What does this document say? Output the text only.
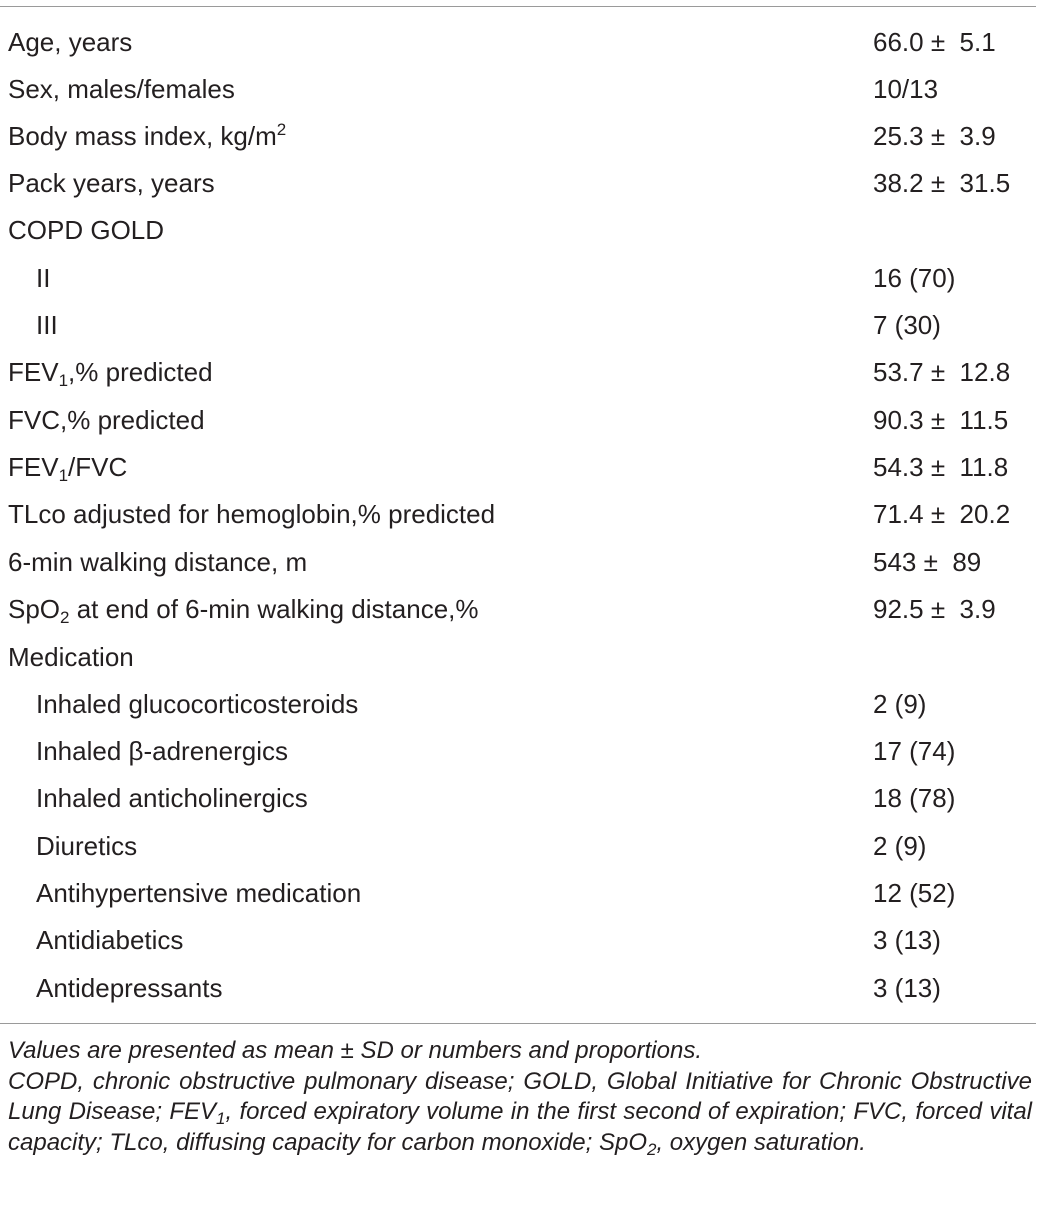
Age, years	66.0 ±  5.1
Sex, males/females	10/13
Body mass index, $kg/m^2$	25.3 ±  3.9
Pack years, years	38.2 ±  31.5
COPD GOLD
II	16 (70)
III	7 (30)
$FEV_1,\%$ predicted	53.7 ±  12.8
FVC,% predicted	90.3 ±  11.5
$FEV_1$/FVC	54.3 ±  11.8
TLco adjusted for hemoglobin,% predicted	71.4 ±  20.2
6-min walking distance, m	543 ±  89
SpO$_2$ at end of 6-min walking distance,%	92.5 ±  3.9
Medication
Inhaled glucocorticosteroids	2 (9)
Inhaled β-adrenergics	17 (74)
Inhaled anticholinergics	18 (78)
Diuretics	2 (9)
Antihypertensive medication	12 (52)
Antidiabetics	3 (13)
Antidepressants	3 (13)

Values are presented as mean ± SD or numbers and proportions.

COPD, chronic obstructive pulmonary disease; GOLD, Global Initiative for Chronic Obstructive Lung Disease; $FEV_1$, forced expiratory volume in the first second of expiration; FVC, forced vital capacity; TLco, diffusing capacity for carbon monoxide; SpO$_2$, oxygen saturation.
